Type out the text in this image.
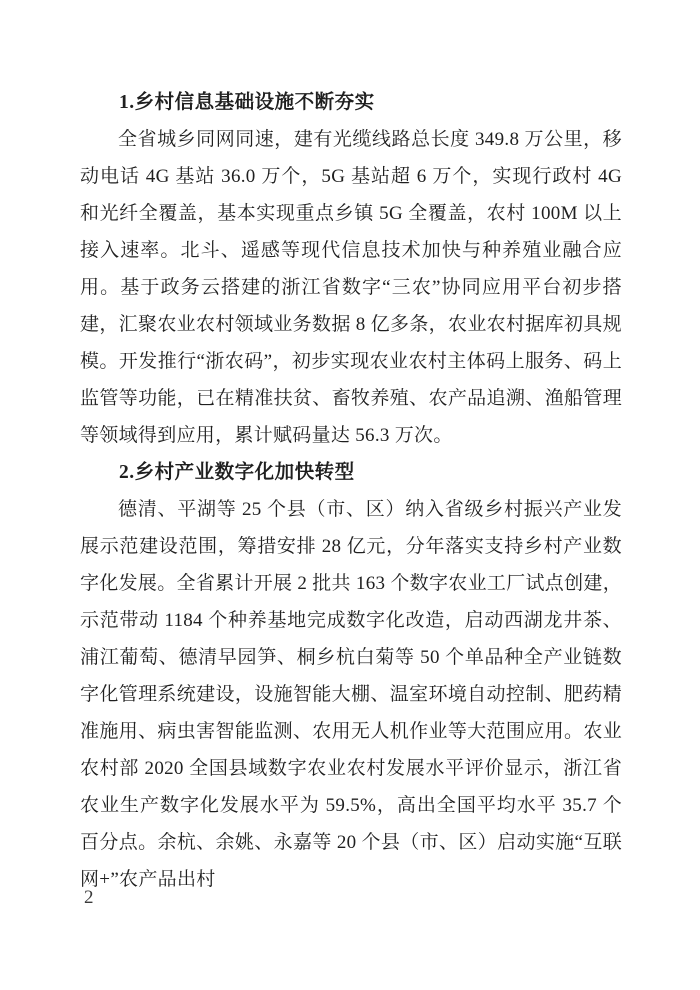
1.乡村信息基础设施不断夯实

全省城乡同网同速，建有光缆线路总长度 349.8 万公里，移动电话 4G 基站 36.0 万个，5G 基站超 6 万个，实现行政村 4G 和光纤全覆盖，基本实现重点乡镇 5G 全覆盖，农村 100M 以上接入速率。北斗、遥感等现代信息技术加快与种养殖业融合应用。基于政务云搭建的浙江省数字“三农”协同应用平台初步搭建，汇聚农业农村领域业务数据 8 亿多条，农业农村据库初具规模。开发推行“浙农码”，初步实现农业农村主体码上服务、码上监管等功能，已在精准扶贫、畜牧养殖、农产品追溯、渔船管理等领域得到应用，累计赋码量达 56.3 万次。

2.乡村产业数字化加快转型

德清、平湖等 25 个县（市、区）纳入省级乡村振兴产业发展示范建设范围，筹措安排 28 亿元，分年落实支持乡村产业数字化发展。全省累计开展 2 批共 163 个数字农业工厂试点创建，示范带动 1184 个种养基地完成数字化改造，启动西湖龙井茶、浦江葡萄、德清早园笋、桐乡杭白菊等 50 个单品种全产业链数字化管理系统建设，设施智能大棚、温室环境自动控制、肥药精准施用、病虫害智能监测、农用无人机作业等大范围应用。农业农村部 2020 全国县域数字农业农村发展水平评价显示，浙江省农业生产数字化发展水平为 59.5%，高出全国平均水平 35.7 个百分点。余杭、余姚、永嘉等 20 个县（市、区）启动实施“互联网+”农产品出村

2
